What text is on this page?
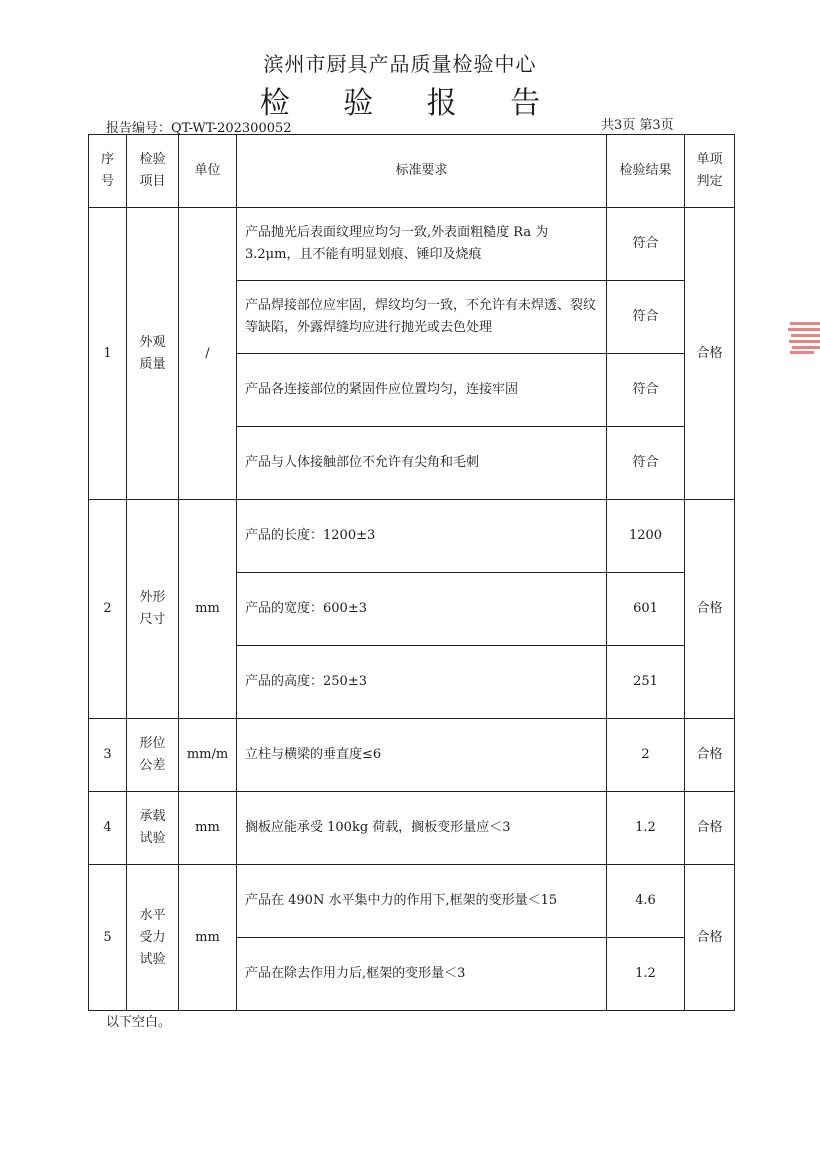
滨州市厨具产品质量检验中心
检 验 报 告
报告编号：QT-WT-202300052	共3页 第3页
序号	检验项目	单位	标准要求	检验结果	单项判定
1	外观质量	/	产品抛光后表面纹理应均匀一致,外表面粗糙度 Ra 为 3.2μm，且不能有明显划痕、锤印及烧痕	符合	合格
			产品焊接部位应牢固，焊纹均匀一致，不允许有未焊透、裂纹等缺陷，外露焊缝均应进行抛光或去色处理	符合	
			产品各连接部位的紧固件应位置均匀，连接牢固	符合	
			产品与人体接触部位不允许有尖角和毛刺	符合	
2	外形尺寸	mm	产品的长度：1200±3	1200	合格
			产品的宽度：600±3	601	
			产品的高度：250±3	251	
3	形位公差	mm/m	立柱与横梁的垂直度≤6	2	合格
4	承载试验	mm	搁板应能承受 100kg 荷载，搁板变形量应＜3	1.2	合格
5	水平受力试验	mm	产品在 490N 水平集中力的作用下,框架的变形量＜15	4.6	合格
			产品在除去作用力后,框架的变形量＜3	1.2	
以下空白。
